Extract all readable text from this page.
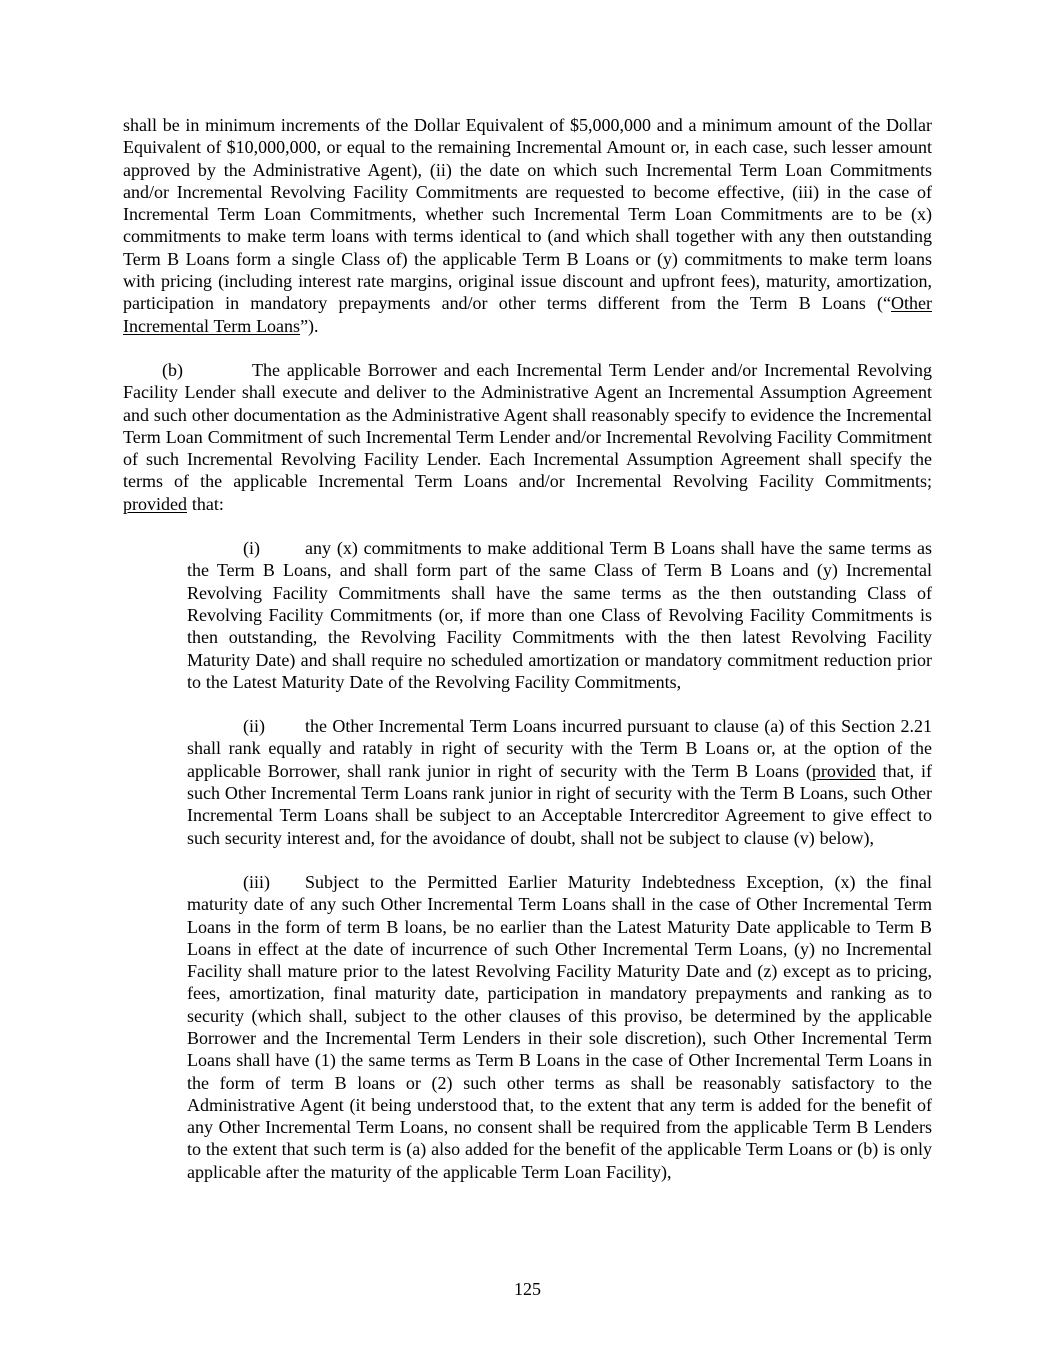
shall be in minimum increments of the Dollar Equivalent of $5,000,000 and a minimum amount of the Dollar Equivalent of $10,000,000, or equal to the remaining Incremental Amount or, in each case, such lesser amount approved by the Administrative Agent), (ii) the date on which such Incremental Term Loan Commitments and/or Incremental Revolving Facility Commitments are requested to become effective, (iii) in the case of Incremental Term Loan Commitments, whether such Incremental Term Loan Commitments are to be (x) commitments to make term loans with terms identical to (and which shall together with any then outstanding Term B Loans form a single Class of) the applicable Term B Loans or (y) commitments to make term loans with pricing (including interest rate margins, original issue discount and upfront fees), maturity, amortization, participation in mandatory prepayments and/or other terms different from the Term B Loans (“Other Incremental Term Loans”).

(b)	The applicable Borrower and each Incremental Term Lender and/or Incremental Revolving Facility Lender shall execute and deliver to the Administrative Agent an Incremental Assumption Agreement and such other documentation as the Administrative Agent shall reasonably specify to evidence the Incremental Term Loan Commitment of such Incremental Term Lender and/or Incremental Revolving Facility Commitment of such Incremental Revolving Facility Lender. Each Incremental Assumption Agreement shall specify the terms of the applicable Incremental Term Loans and/or Incremental Revolving Facility Commitments; provided that:

(i)	any (x) commitments to make additional Term B Loans shall have the same terms as the Term B Loans, and shall form part of the same Class of Term B Loans and (y) Incremental Revolving Facility Commitments shall have the same terms as the then outstanding Class of Revolving Facility Commitments (or, if more than one Class of Revolving Facility Commitments is then outstanding, the Revolving Facility Commitments with the then latest Revolving Facility Maturity Date) and shall require no scheduled amortization or mandatory commitment reduction prior to the Latest Maturity Date of the Revolving Facility Commitments,

(ii) the Other Incremental Term Loans incurred pursuant to clause (a) of this Section 2.21 shall rank equally and ratably in right of security with the Term B Loans or, at the option of the applicable Borrower, shall rank junior in right of security with the Term B Loans (provided that, if such Other Incremental Term Loans rank junior in right of security with the Term B Loans, such Other Incremental Term Loans shall be subject to an Acceptable Intercreditor Agreement to give effect to such security interest and, for the avoidance of doubt, shall not be subject to clause (v) below),

(iii) Subject to the Permitted Earlier Maturity Indebtedness Exception, (x) the final maturity date of any such Other Incremental Term Loans shall in the case of Other Incremental Term Loans in the form of term B loans, be no earlier than the Latest Maturity Date applicable to Term B Loans in effect at the date of incurrence of such Other Incremental Term Loans, (y) no Incremental Facility shall mature prior to the latest Revolving Facility Maturity Date and (z) except as to pricing, fees, amortization, final maturity date, participation in mandatory prepayments and ranking as to security (which shall, subject to the other clauses of this proviso, be determined by the applicable Borrower and the Incremental Term Lenders in their sole discretion), such Other Incremental Term Loans shall have (1) the same terms as Term B Loans in the case of Other Incremental Term Loans in the form of term B loans or (2) such other terms as shall be reasonably satisfactory to the Administrative Agent (it being understood that, to the extent that any term is added for the benefit of any Other Incremental Term Loans, no consent shall be required from the applicable Term B Lenders to the extent that such term is (a) also added for the benefit of the applicable Term Loans or (b) is only applicable after the maturity of the applicable Term Loan Facility),

125
